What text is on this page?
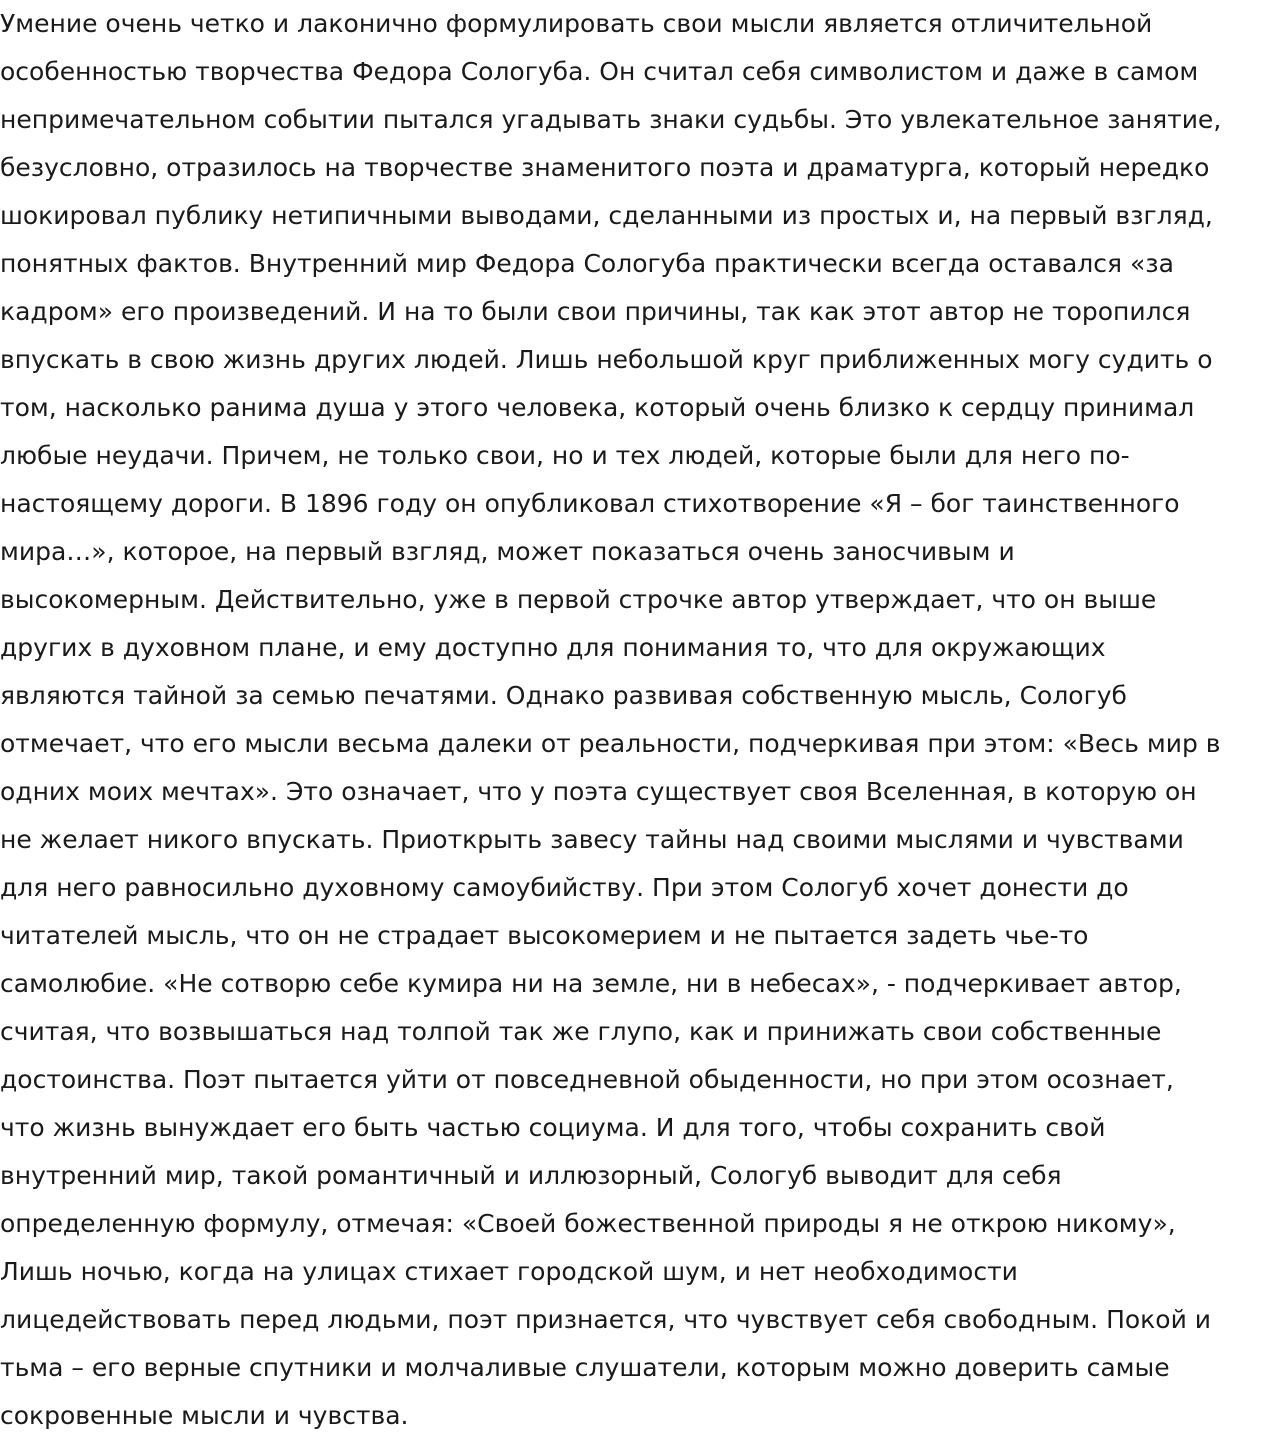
Умение очень четко и лаконично формулировать свои мысли является отличительной
особенностью творчества Федора Сологуба. Он считал себя символистом и даже в самом
непримечательном событии пытался угадывать знаки судьбы. Это увлекательное занятие,
безусловно, отразилось на творчестве знаменитого поэта и драматурга, который нередко
шокировал публику нетипичными выводами, сделанными из простых и, на первый взгляд,
понятных фактов. Внутренний мир Федора Сологуба практически всегда оставался «за
кадром» его произведений. И на то были свои причины, так как этот автор не торопился
впускать в свою жизнь других людей. Лишь небольшой круг приближенных могу судить о
том, насколько ранима душа у этого человека, который очень близко к сердцу принимал
любые неудачи. Причем, не только свои, но и тех людей, которые были для него по-
настоящему дороги. В 1896 году он опубликовал стихотворение «Я – бог таинственного
мира…», которое, на первый взгляд, может показаться очень заносчивым и
высокомерным. Действительно, уже в первой строчке автор утверждает, что он выше
других в духовном плане, и ему доступно для понимания то, что для окружающих
являются тайной за семью печатями. Однако развивая собственную мысль, Сологуб
отмечает, что его мысли весьма далеки от реальности, подчеркивая при этом: «Весь мир в
одних моих мечтах». Это означает, что у поэта существует своя Вселенная, в которую он
не желает никого впускать. Приоткрыть завесу тайны над своими мыслями и чувствами
для него равносильно духовному самоубийству. При этом Сологуб хочет донести до
читателей мысль, что он не страдает высокомерием и не пытается задеть чье-то
самолюбие. «Не сотворю себе кумира ни на земле, ни в небесах», - подчеркивает автор,
считая, что возвышаться над толпой так же глупо, как и принижать свои собственные
достоинства. Поэт пытается уйти от повседневной обыденности, но при этом осознает,
что жизнь вынуждает его быть частью социума. И для того, чтобы сохранить свой
внутренний мир, такой романтичный и иллюзорный, Сологуб выводит для себя
определенную формулу, отмечая: «Своей божественной природы я не открою никому»,
Лишь ночью, когда на улицах стихает городской шум, и нет необходимости
лицедействовать перед людьми, поэт признается, что чувствует себя свободным. Покой и
тьма – его верные спутники и молчаливые слушатели, которым можно доверить самые
сокровенные мысли и чувства.
